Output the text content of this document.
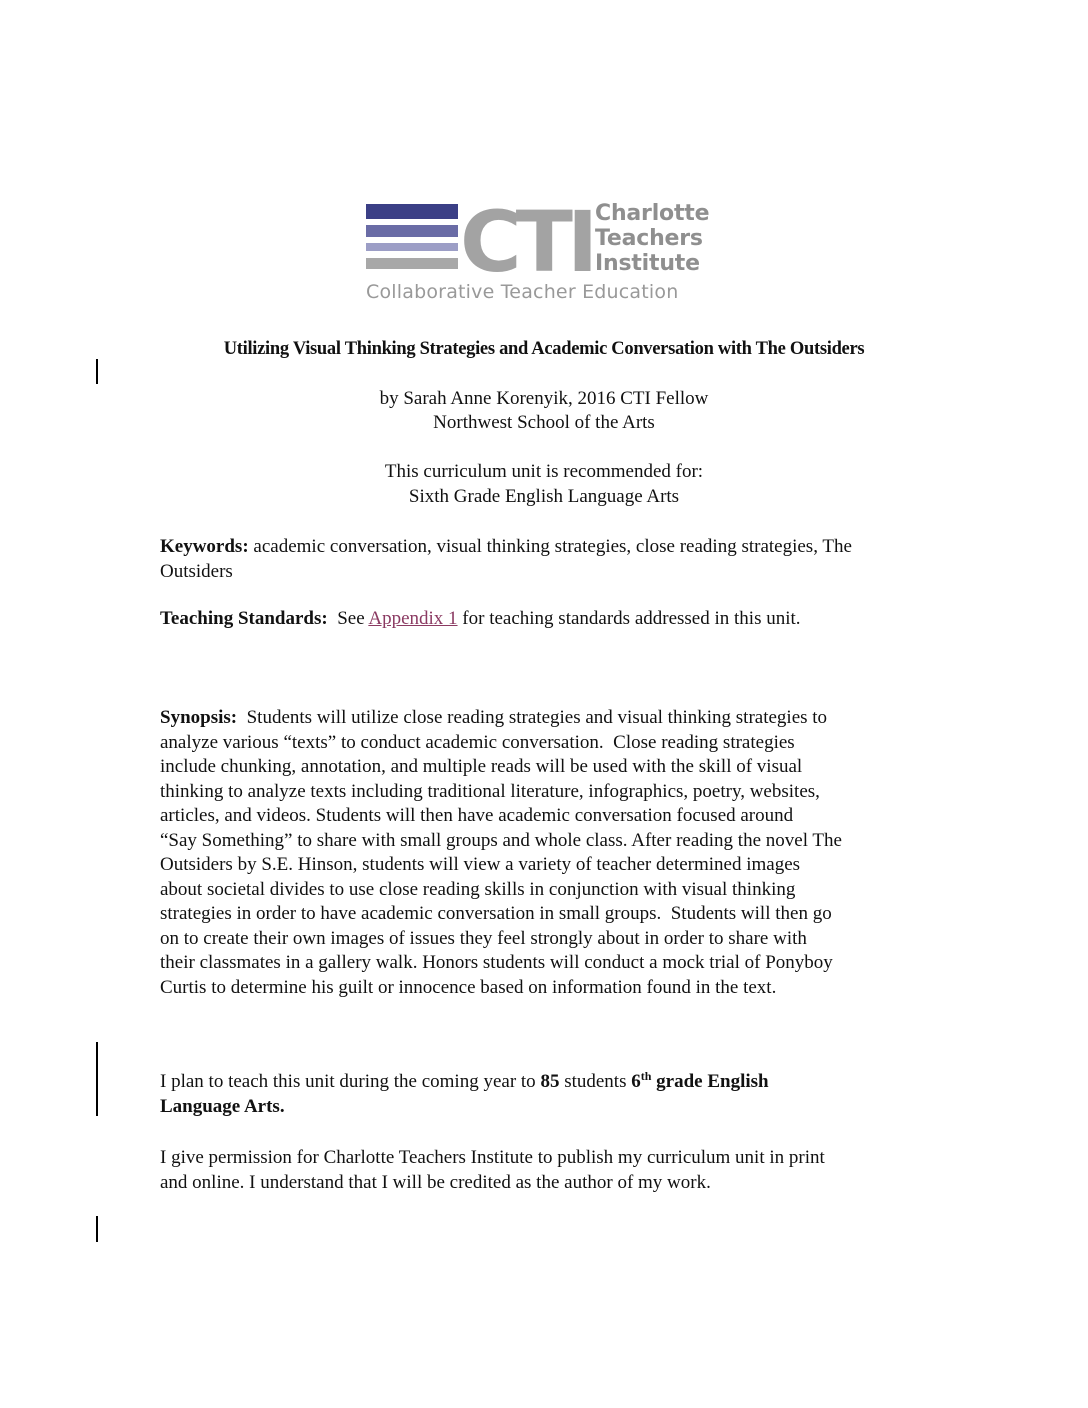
CTI Charlotte
Teachers
Institute
Collaborative Teacher Education
Utilizing Visual Thinking Strategies and Academic Conversation with The Outsiders
by Sarah Anne Korenyik, 2016 CTI Fellow
Northwest School of the Arts
This curriculum unit is recommended for:
Sixth Grade English Language Arts
Keywords: academic conversation, visual thinking strategies, close reading strategies, The Outsiders
Teaching Standards:  See Appendix 1 for teaching standards addressed in this unit.
Synopsis:  Students will utilize close reading strategies and visual thinking strategies to
analyze various “texts” to conduct academic conversation.  Close reading strategies
include chunking, annotation, and multiple reads will be used with the skill of visual
thinking to analyze texts including traditional literature, infographics, poetry, websites,
articles, and videos. Students will then have academic conversation focused around
“Say Something” to share with small groups and whole class. After reading the novel The
Outsiders by S.E. Hinson, students will view a variety of teacher determined images
about societal divides to use close reading skills in conjunction with visual thinking
strategies in order to have academic conversation in small groups.  Students will then go
on to create their own images of issues they feel strongly about in order to share with
their classmates in a gallery walk. Honors students will conduct a mock trial of Ponyboy
Curtis to determine his guilt or innocence based on information found in the text.
I plan to teach this unit during the coming year to 85 students 6th grade English
Language Arts.
I give permission for Charlotte Teachers Institute to publish my curriculum unit in print
and online. I understand that I will be credited as the author of my work.
